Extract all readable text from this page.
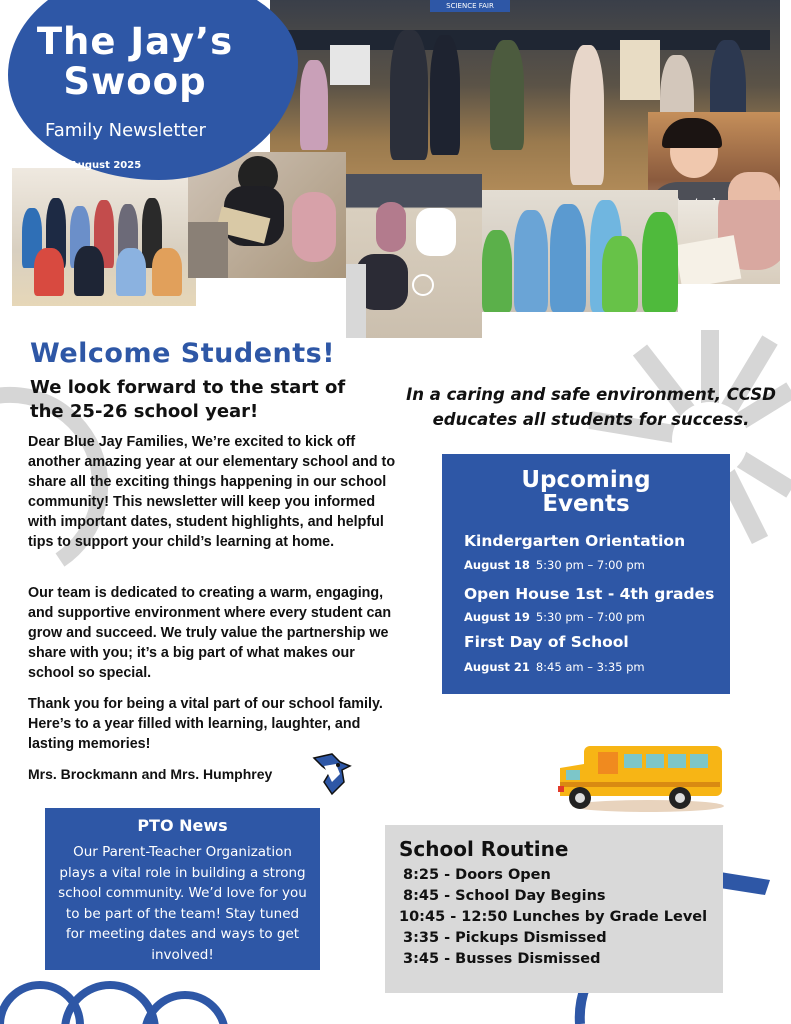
SCIENCE FAIR
The Jay’s
Swoop
Family Newsletter
August 2025
Welcome Students!
We look forward to the start of the 25-26 school year!

Dear Blue Jay Families, We’re excited to kick off another amazing year at our elementary school and to share all the exciting things happening in our school community! This newsletter will keep you informed with important dates, student highlights, and helpful tips to support your child’s learning at home.

Our team is dedicated to creating a warm, engaging, and supportive environment where every student can grow and succeed. We truly value the partnership we share with you; it’s a big part of what makes our school so special.

Thank you for being a vital part of our school family. Here’s to a year filled with learning, laughter, and lasting memories!

Mrs. Brockmann and Mrs. Humphrey
In a caring and safe environment, CCSD educates all students for success.
Upcoming
Events
Kindergarten Orientation
August 18 5:30 pm – 7:00 pm
Open House 1st - 4th grades
August 19 5:30 pm – 7:00 pm
First Day of School
August 21 8:45 am – 3:35 pm
PTO News
Our Parent-Teacher Organization plays a vital role in building a strong school community. We’d love for you to be part of the team! Stay tuned for meeting dates and ways to get involved!
School Routine
8:25 - Doors Open
8:45 - School Day Begins
10:45 - 12:50 Lunches by Grade Level
3:35 - Pickups Dismissed
3:45 - Busses Dismissed
